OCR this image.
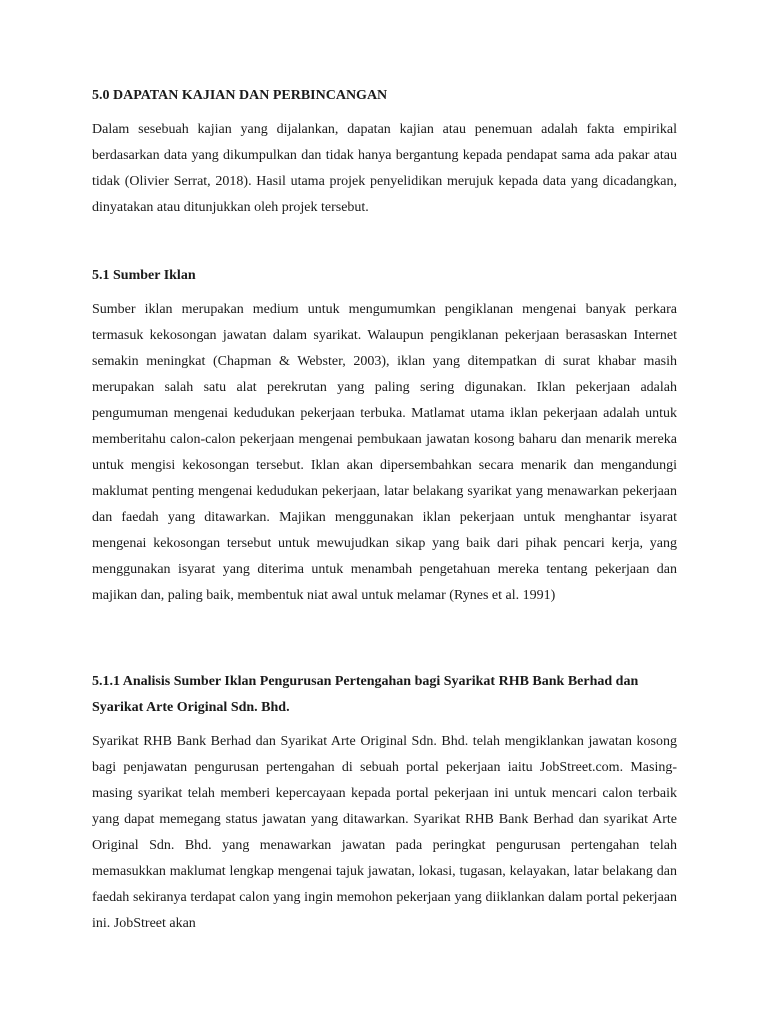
5.0 DAPATAN KAJIAN DAN PERBINCANGAN

Dalam sesebuah kajian yang dijalankan, dapatan kajian atau penemuan adalah fakta empirikal berdasarkan data yang dikumpulkan dan tidak hanya bergantung kepada pendapat sama ada pakar atau tidak (Olivier Serrat, 2018). Hasil utama projek penyelidikan merujuk kepada data yang dicadangkan, dinyatakan atau ditunjukkan oleh projek tersebut.

5.1 Sumber Iklan

Sumber iklan merupakan medium untuk mengumumkan pengiklanan mengenai banyak perkara termasuk kekosongan jawatan dalam syarikat. Walaupun pengiklanan pekerjaan berasaskan Internet semakin meningkat (Chapman & Webster, 2003), iklan yang ditempatkan di surat khabar masih merupakan salah satu alat perekrutan yang paling sering digunakan. Iklan pekerjaan adalah pengumuman mengenai kedudukan pekerjaan terbuka. Matlamat utama iklan pekerjaan adalah untuk memberitahu calon-calon pekerjaan mengenai pembukaan jawatan kosong baharu dan menarik mereka untuk mengisi kekosongan tersebut. Iklan akan dipersembahkan secara menarik dan mengandungi maklumat penting mengenai kedudukan pekerjaan, latar belakang syarikat yang menawarkan pekerjaan dan faedah yang ditawarkan. Majikan menggunakan iklan pekerjaan untuk menghantar isyarat mengenai kekosongan tersebut untuk mewujudkan sikap yang baik dari pihak pencari kerja, yang menggunakan isyarat yang diterima untuk menambah pengetahuan mereka tentang pekerjaan dan majikan dan, paling baik, membentuk niat awal untuk melamar (Rynes et al. 1991)

5.1.1 Analisis Sumber Iklan Pengurusan Pertengahan bagi Syarikat RHB Bank Berhad dan Syarikat Arte Original Sdn. Bhd.

Syarikat RHB Bank Berhad dan Syarikat Arte Original Sdn. Bhd. telah mengiklankan jawatan kosong bagi penjawatan pengurusan pertengahan di sebuah portal pekerjaan iaitu JobStreet.com. Masing-masing syarikat telah memberi kepercayaan kepada portal pekerjaan ini untuk mencari calon terbaik yang dapat memegang status jawatan yang ditawarkan. Syarikat RHB Bank Berhad dan syarikat Arte Original Sdn. Bhd. yang menawarkan jawatan pada peringkat pengurusan pertengahan telah memasukkan maklumat lengkap mengenai tajuk jawatan, lokasi, tugasan, kelayakan, latar belakang dan faedah sekiranya terdapat calon yang ingin memohon pekerjaan yang diiklankan dalam portal pekerjaan ini. JobStreet akan
